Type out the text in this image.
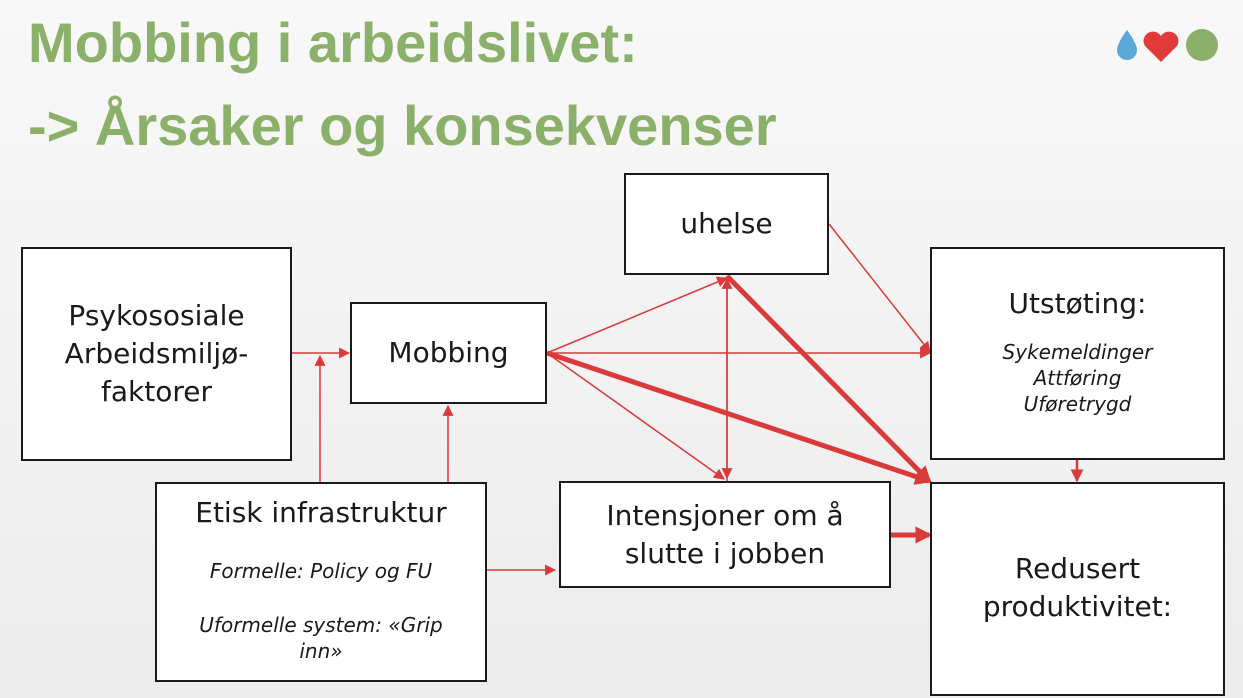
Mobbing i arbeidslivet:
-> Årsaker og konsekvenser
Psykososiale
Arbeidsmiljø-
faktorer
Mobbing
uhelse
Utstøting:
Sykemeldinger
Attføring
Uføretrygd
Etisk infrastruktur
Formelle: Policy og FU
Uformelle system: «Grip
inn»
Intensjoner om å
slutte i jobben	Redusert
produktivitet:
